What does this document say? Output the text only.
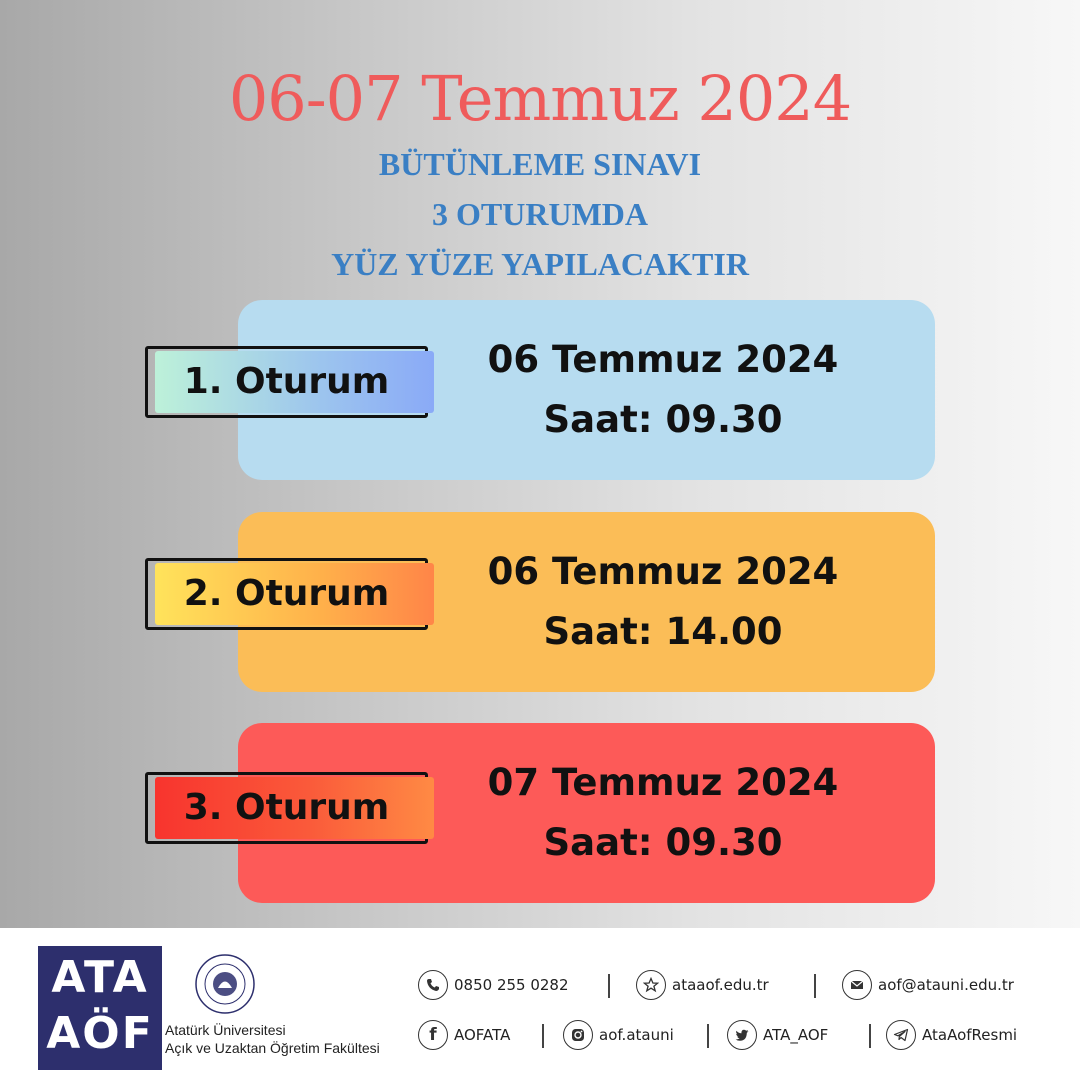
06-07 Temmuz 2024
BÜTÜNLEME SINAVI
3 OTURUMDA
YÜZ YÜZE YAPILACAKTIR
06 Temmuz 2024
Saat: 09.30
1. Oturum
06 Temmuz 2024
Saat: 14.00
2. Oturum
07 Temmuz 2024
Saat: 09.30
3. Oturum
ATA
AÖF Atatürk Üniversitesi
Açık ve Uzaktan Öğretim Fakültesi
0850 255 0282	ataaof.edu.tr	aof@atauni.edu.tr
f AOFATA	aof.atauni	ATA_AOF	AtaAofResmi
